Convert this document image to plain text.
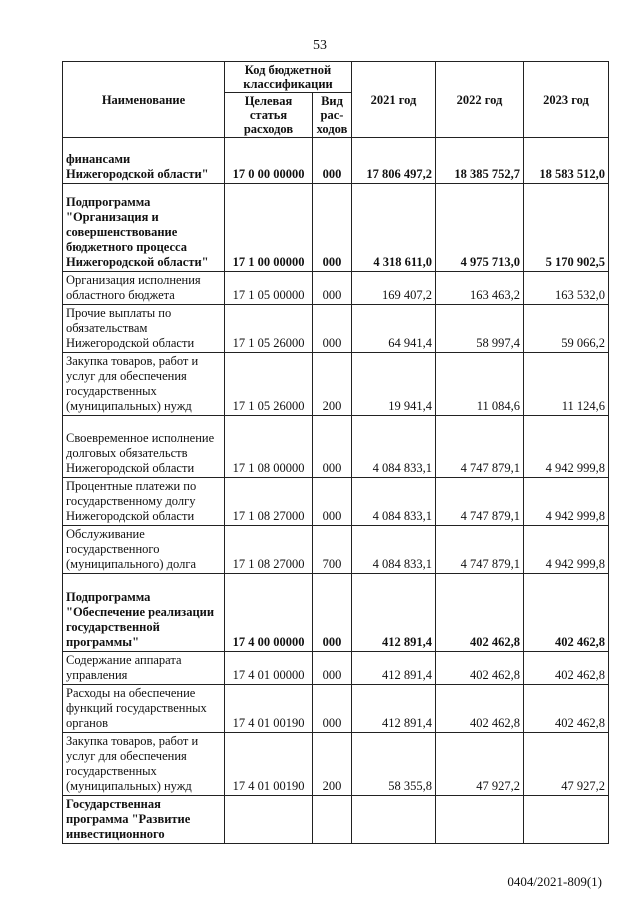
53
Наименование	Код бюджетной классификации		2021 год	2022 год	2023 год
	Целевая статья расходов	Вид рас-ходов			
финансами Нижегородской области"	17 0 00 00000	000	17 806 497,2	18 385 752,7	18 583 512,0
Подпрограмма "Организация и совершенствование бюджетного процесса Нижегородской области"	17 1 00 00000	000	4 318 611,0	4 975 713,0	5 170 902,5
Организация исполнения областного бюджета	17 1 05 00000	000	169 407,2	163 463,2	163 532,0
Прочие выплаты по обязательствам Нижегородской области	17 1 05 26000	000	64 941,4	58 997,4	59 066,2
Закупка товаров, работ и услуг для обеспечения государственных (муниципальных) нужд	17 1 05 26000	200	19 941,4	11 084,6	11 124,6
Своевременное исполнение долговых обязательств Нижегородской области	17 1 08 00000	000	4 084 833,1	4 747 879,1	4 942 999,8
Процентные платежи по государственному долгу Нижегородской области	17 1 08 27000	000	4 084 833,1	4 747 879,1	4 942 999,8
Обслуживание государственного (муниципального) долга	17 1 08 27000	700	4 084 833,1	4 747 879,1	4 942 999,8
Подпрограмма "Обеспечение реализации государственной программы"	17 4 00 00000	000	412 891,4	402 462,8	402 462,8
Содержание аппарата управления	17 4 01 00000	000	412 891,4	402 462,8	402 462,8
Расходы на обеспечение функций государственных органов	17 4 01 00190	000	412 891,4	402 462,8	402 462,8
Закупка товаров, работ и услуг для обеспечения государственных (муниципальных) нужд	17 4 01 00190	200	58 355,8	47 927,2	47 927,2
Государственная программа "Развитие инвестиционного					
0404/2021-809(1)
